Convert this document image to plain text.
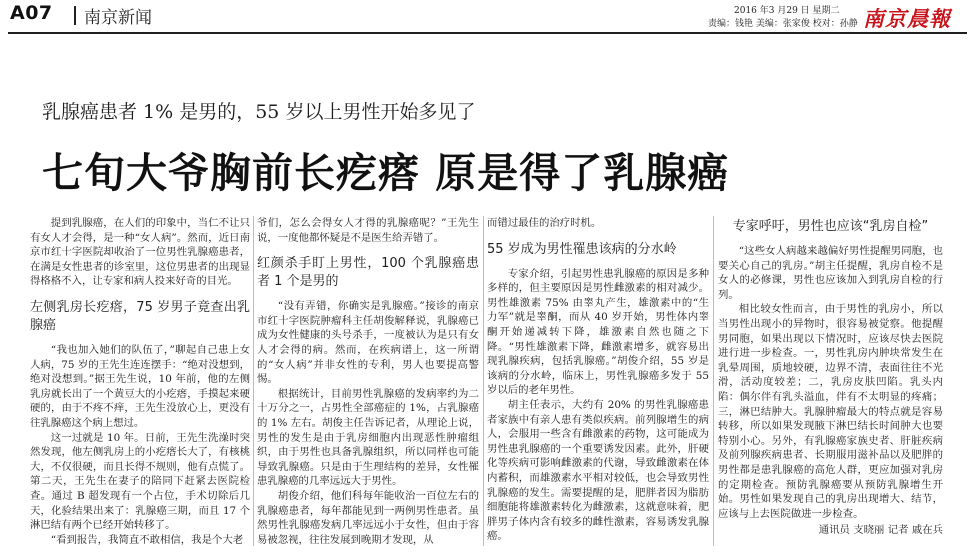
A07 南京新闻	2016 年3 月29 日 星期二
责编：钱艳 美编：张家俊 校对：孙静 南京晨報
乳腺癌患者 1% 是男的，55 岁以上男性开始多见了
七旬大爷胸前长疙瘩 原是得了乳腺癌

提到乳腺癌，在人们的印象中，当仁不让只有女人才会得，是一种“女人病”。然而，近日南京市红十字医院却收治了一位男性乳腺癌患者，在满是女性患者的诊室里，这位男患者的出现显得格格不入，让专家和病人投来好奇的目光。

左侧乳房长疙瘩，75 岁男子竟查出乳腺癌

“我也加入她们的队伍了，”聊起自己患上女人病，75 岁的王先生连连摆手：“绝对没想到，绝对没想到。”据王先生说，10 年前，他的左侧乳房就长出了一个黄豆大的小疙瘩，手摸起来硬硬的，由于不疼不痒，王先生没放心上，更没有往乳腺癌这个病上想过。

这一过就是 10 年。日前，王先生洗澡时突然发现，他左侧乳房上的小疙瘩长大了，有核桃大，不仅很硬，而且长得不规则，他有点慌了。第二天，王先生在妻子的陪同下赶紧去医院检查。通过 B 超发现有一个占位，手术切除后几天，化验结果出来了：乳腺癌三期，而且 17 个淋巴结有两个已经开始转移了。

“看到报告，我简直不敢相信，我是个大老

爷们，怎么会得女人才得的乳腺癌呢？”王先生说，一度他都怀疑是不是医生给弄错了。

红颜杀手盯上男性，100 个乳腺癌患者 1 个是男的

“没有弄错，你确实是乳腺癌。”接诊的南京市红十字医院肿瘤科主任胡俊解释说，乳腺癌已成为女性健康的头号杀手，一度被认为是只有女人才会得的病。然而，在疾病谱上，这一所谓的“女人病”并非女性的专利，男人也要提高警惕。

根据统计，目前男性乳腺癌的发病率约为二十万分之一，占男性全部癌症的 1%，占乳腺癌的 1% 左右。胡俊主任告诉记者，从理论上说，男性的发生是由于乳房细胞内出现恶性肿瘤组织，由于男性也具备乳腺组织，所以同样也可能导致乳腺癌。只是由于生理结构的差异，女性罹患乳腺癌的几率远远大于男性。

胡俊介绍，他们科每年能收治一百位左右的乳腺癌患者，每年都能见到一两例男性患者。虽然男性乳腺癌发病几率远远小于女性，但由于容易被忽视，往往发展到晚期才发现，从

而错过最佳的治疗时机。

55 岁成为男性罹患该病的分水岭

专家介绍，引起男性患乳腺癌的原因是多种多样的，但主要原因是男性雌激素的相对减少。男性雄激素 75% 由睾丸产生，雄激素中的“生力军”就是睾酮，而从 40 岁开始，男性体内睾酮开始递减转下降，雄激素自然也随之下降。“男性雄激素下降，雌激素增多，就容易出现乳腺疾病，包括乳腺癌。”胡俊介绍，55 岁是该病的分水岭，临床上，男性乳腺癌多发于 55 岁以后的老年男性。

胡主任表示，大约有 20% 的男性乳腺癌患者家族中有亲人患有类似疾病。前列腺增生的病人，会服用一些含有雌激素的药物，这可能成为男性患乳腺癌的一个重要诱发因素。此外，肝硬化等疾病可影响雌激素的代谢，导致雌激素在体内蓄积，而雄激素水平相对较低，也会导致男性乳腺癌的发生。需要提醒的是，肥胖者因为脂肪细胞能将雄激素转化为雌激素，这就意味着，肥胖男子体内含有较多的雌性激素，容易诱发乳腺癌。

专家呼吁，男性也应该“乳房自检”

“这些女人病越来越偏好男性提醒男同胞，也要关心自己的乳房。”胡主任提醒，乳房自检不是女人的必修课，男性也应该加入到乳房自检的行列。

相比较女性而言，由于男性的乳房小，所以当男性出现小的异物时，很容易被觉察。他提醒男同胞，如果出现以下情况时，应该尽快去医院进行进一步检查。一，男性乳房内肿块常发生在乳晕周围，质地较硬，边界不清，表面往往不光滑，活动度较差；二，乳房皮肤凹陷。乳头内陷：偶尔伴有乳头溢血，伴有不太明显的疼痛；三，淋巴结肿大。乳腺肿瘤最大的特点就是容易转移，所以如果发现腋下淋巴结长时间肿大也要特别小心。另外，有乳腺癌家族史者、肝脏疾病及前列腺疾病患者、长期服用滋补品以及肥胖的男性都是患乳腺癌的高危人群，更应加强对乳房的定期检查。预防乳腺癌要从预防乳腺增生开始。男性如果发现自己的乳房出现增大、结节，应该与上去医院做进一步检查。

通讯员 支晓丽 记者 戚在兵
